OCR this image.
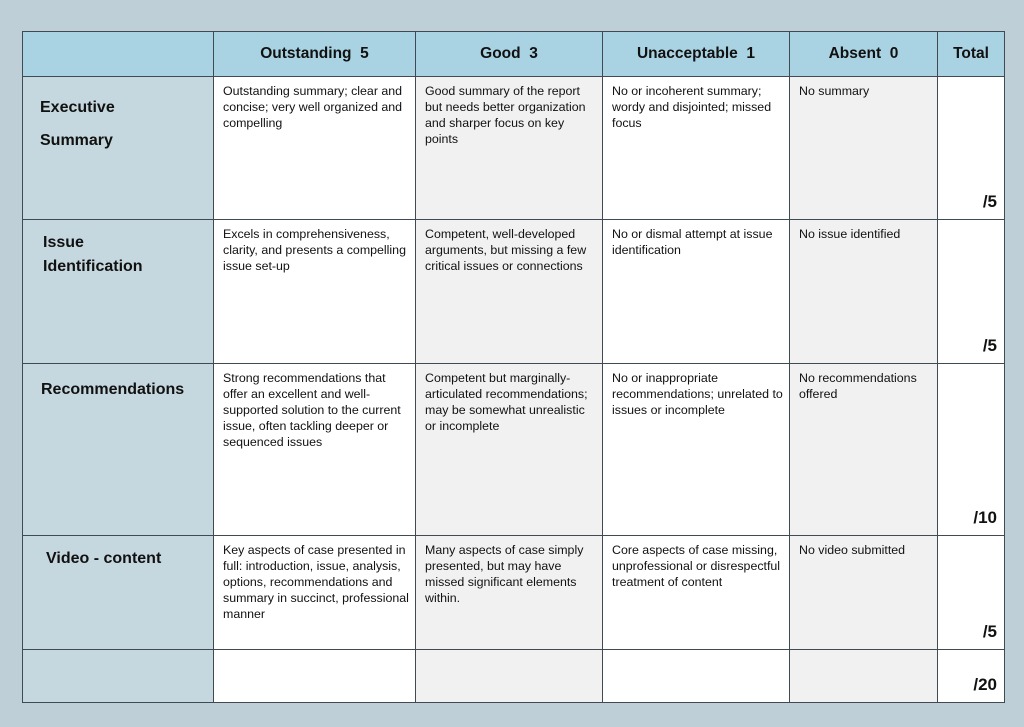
	Outstanding  5	Good  3	Unacceptable  1	Absent  0	Total

Executive
Summary	Outstanding summary; clear and concise; very well organized and compelling	Good summary of the report but needs better organization and sharper focus on key points	No or incoherent summary; wordy and disjointed; missed focus	No summary	/5

Issue
Identification	Excels in comprehensiveness, clarity, and presents a compelling issue set-up	Competent, well-developed arguments, but missing a few critical issues or connections	No or dismal attempt at issue identification	No issue identified	/5

Recommendations	Strong recommendations that offer an excellent and well-supported solution to the current issue, often tackling deeper or sequenced issues	Competent but marginally-articulated recommendations; may be somewhat unrealistic or incomplete	No or inappropriate recommendations; unrelated to issues or incomplete	No recommendations offered	/10

Video - content	Key aspects of case presented in full: introduction, issue, analysis, options, recommendations and summary in succinct, professional manner	Many aspects of case simply presented, but may have missed significant elements within.	Core aspects of case missing, unprofessional or disrespectful treatment of content	No video submitted	/5

					/20
